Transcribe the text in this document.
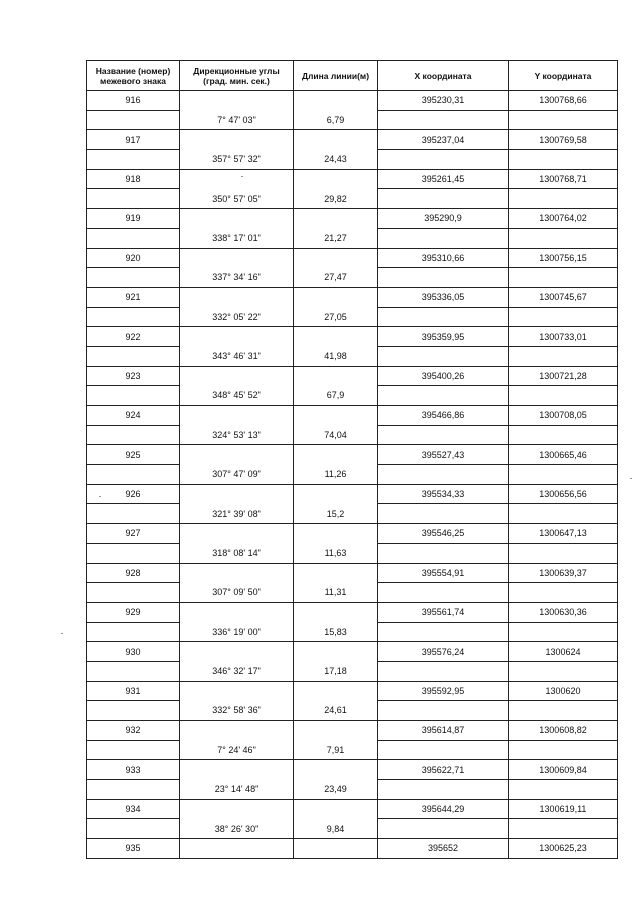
Название (номер) межевого знака	Дирекционные углы (град. мин. сек.)	Длина линии(м)	X координата	Y координата
916			395230,31	1300768,66
	7° 47' 03"	6,79		
917			395237,04	1300769,58
	357° 57' 32"	24,43		
918			395261,45	1300768,71
	350° 57' 05"	29,82		
919			395290,9	1300764,02
	338° 17' 01"	21,27		
920			395310,66	1300756,15
	337° 34' 16"	27,47		
921			395336,05	1300745,67
	332° 05' 22"	27,05		
922			395359,95	1300733,01
	343° 46' 31"	41,98		
923			395400,26	1300721,28
	348° 45' 52"	67,9		
924			395466,86	1300708,05
	324° 53' 13"	74,04		
925			395527,43	1300665,46
	307° 47' 09"	11,26		
926			395534,33	1300656,56
	321° 39' 08"	15,2		
927			395546,25	1300647,13
	318° 08' 14"	11,63		
928			395554,91	1300639,37
	307° 09' 50"	11,31		
929			395561,74	1300630,36
	336° 19' 00"	15,83		
930			395576,24	1300624
	346° 32' 17"	17,18		
931			395592,95	1300620
	332° 58' 36"	24,61		
932			395614,87	1300608,82
	7° 24' 46"	7,91		
933			395622,71	1300609,84
	23° 14' 48"	23,49		
934			395644,29	1300619,11
	38° 26' 30"	9,84		
935			395652	1300625,23
